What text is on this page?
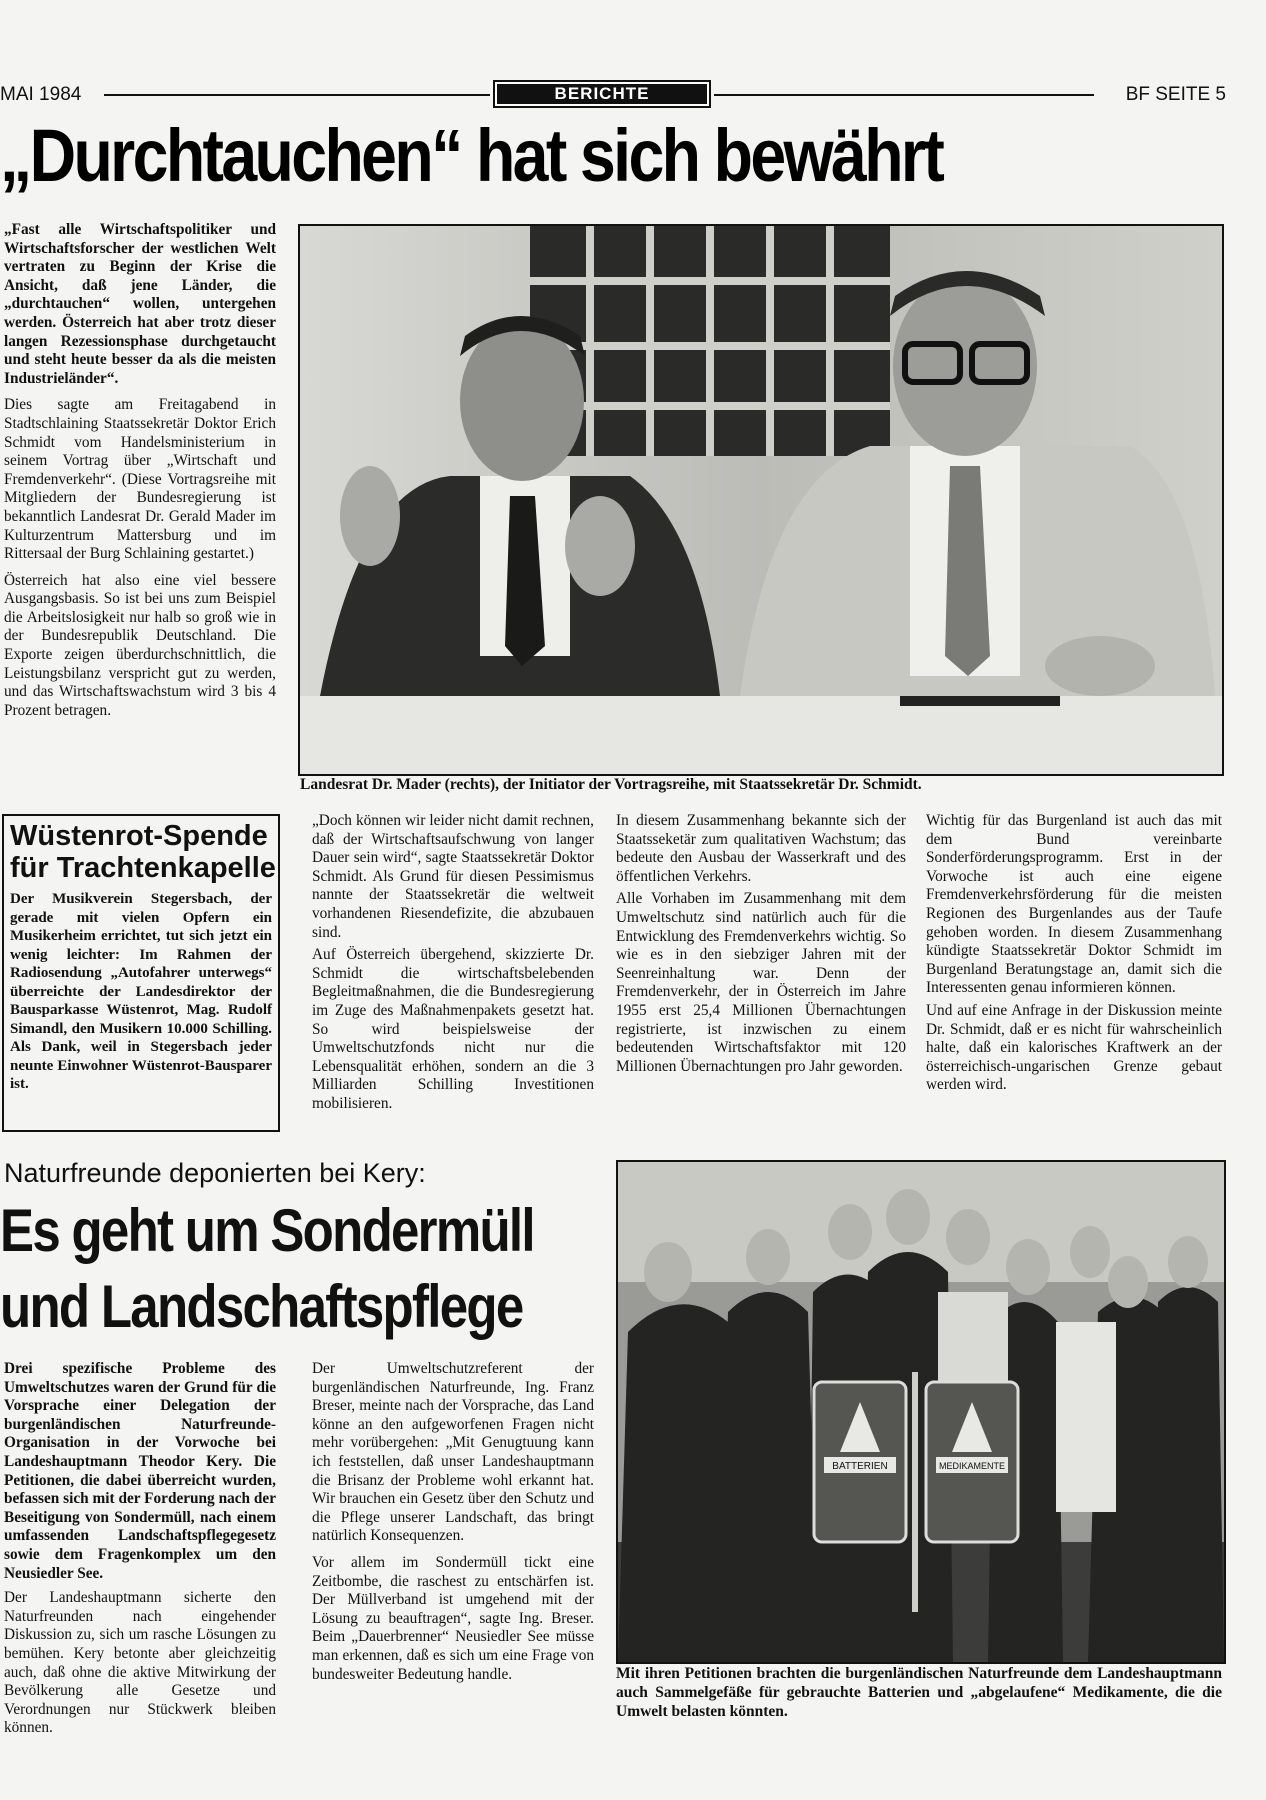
MAI 1984	BERICHTE	BF SEITE 5
„Durchtauchen“ hat sich bewährt

„Fast alle Wirtschaftspolitiker und Wirtschaftsforscher der westlichen Welt vertraten zu Beginn der Krise die Ansicht, daß jene Länder, die „durchtauchen“ wollen, untergehen werden. Österreich hat aber trotz dieser langen Rezessionsphase durchgetaucht und steht heute besser da als die meisten Industrieländer“.

Dies sagte am Freitagabend in Stadtschlaining Staatssekretär Doktor Erich Schmidt vom Handelsministerium in seinem Vortrag über „Wirtschaft und Fremdenverkehr“. (Diese Vortragsreihe mit Mitgliedern der Bundesregierung ist bekanntlich Landesrat Dr. Gerald Mader im Kulturzentrum Mattersburg und im Rittersaal der Burg Schlaining gestartet.)

Österreich hat also eine viel bessere Ausgangsbasis. So ist bei uns zum Beispiel die Arbeitslosigkeit nur halb so groß wie in der Bundesrepublik Deutschland. Die Exporte zeigen überdurchschnittlich, die Leistungsbilanz verspricht gut zu werden, und das Wirtschaftswachstum wird 3 bis 4 Prozent betragen.

Landesrat Dr. Mader (rechts), der Initiator der Vortragsreihe, mit Staatssekretär Dr. Schmidt.
Wüstenrot-Spende
für Trachtenkapelle
Der Musikverein Stegersbach, der gerade mit vielen Opfern ein Musikerheim errichtet, tut sich jetzt ein wenig leichter: Im Rahmen der Radiosendung „Autofahrer unterwegs“ überreichte der Landesdirektor der Bausparkasse Wüstenrot, Mag. Rudolf Simandl, den Musikern 10.000 Schilling. Als Dank, weil in Stegersbach jeder neunte Einwohner Wüstenrot-Bausparer ist.

„Doch können wir leider nicht damit rechnen, daß der Wirtschaftsaufschwung von langer Dauer sein wird“, sagte Staatssekretär Doktor Schmidt. Als Grund für diesen Pessimismus nannte der Staatssekretär die weltweit vorhandenen Riesendefizite, die abzubauen sind.

Auf Österreich übergehend, skizzierte Dr. Schmidt die wirtschaftsbelebenden Begleitmaßnahmen, die die Bundesregierung im Zuge des Maßnahmenpakets gesetzt hat. So wird beispielsweise der Umweltschutzfonds nicht nur die Lebensqualität erhöhen, sondern an die 3 Milliarden Schilling Investitionen mobilisieren.

In diesem Zusammenhang bekannte sich der Staatsseketär zum qualitativen Wachstum; das bedeute den Ausbau der Wasserkraft und des öffentlichen Verkehrs.

Alle Vorhaben im Zusammenhang mit dem Umweltschutz sind natürlich auch für die Entwicklung des Fremdenverkehrs wichtig. So wie es in den siebziger Jahren mit der Seenreinhaltung war. Denn der Fremdenverkehr, der in Österreich im Jahre 1955 erst 25,4 Millionen Übernachtungen registrierte, ist inzwischen zu einem bedeutenden Wirtschaftsfaktor mit 120 Millionen Übernachtungen pro Jahr geworden.

Wichtig für das Burgenland ist auch das mit dem Bund vereinbarte Sonderförderungsprogramm. Erst in der Vorwoche ist auch eine eigene Fremdenverkehrsförderung für die meisten Regionen des Burgenlandes aus der Taufe gehoben worden. In diesem Zusammenhang kündigte Staatssekretär Doktor Schmidt im Burgenland Beratungstage an, damit sich die Interessenten genau informieren können.

Und auf eine Anfrage in der Diskussion meinte Dr. Schmidt, daß er es nicht für wahrscheinlich halte, daß ein kalorisches Kraftwerk an der österreichisch-ungarischen Grenze gebaut werden wird.

Naturfreunde deponierten bei Kery:
Es geht um Sondermüll
und Landschaftspflege

Drei spezifische Probleme des Umweltschutzes waren der Grund für die Vorsprache einer Delegation der burgenländischen Naturfreunde-Organisation in der Vorwoche bei Landeshauptmann Theodor Kery. Die Petitionen, die dabei überreicht wurden, befassen sich mit der Forderung nach der Beseitigung von Sondermüll, nach einem umfassenden Landschaftspflegegesetz sowie dem Fragenkomplex um den Neusiedler See.

Der Landeshauptmann sicherte den Naturfreunden nach eingehender Diskussion zu, sich um rasche Lösungen zu bemühen. Kery betonte aber gleichzeitig auch, daß ohne die aktive Mitwirkung der Bevölkerung alle Gesetze und Verordnungen nur Stückwerk bleiben können.

Der Umweltschutzreferent der burgenländischen Naturfreunde, Ing. Franz Breser, meinte nach der Vorsprache, das Land könne an den aufgeworfenen Fragen nicht mehr vorübergehen: „Mit Genugtuung kann ich feststellen, daß unser Landeshauptmann die Brisanz der Probleme wohl erkannt hat. Wir brauchen ein Gesetz über den Schutz und die Pflege unserer Landschaft, das bringt natürlich Konsequenzen.

Vor allem im Sondermüll tickt eine Zeitbombe, die raschest zu entschärfen ist. Der Müllverband ist umgehend mit der Lösung zu beauftragen“, sagte Ing. Breser. Beim „Dauerbrenner“ Neusiedler See müsse man erkennen, daß es sich um eine Frage von bundesweiter Bedeutung handle.

BATTERIEN	MEDIKAMENTE
Mit ihren Petitionen brachten die burgenländischen Naturfreunde dem Landeshauptmann auch Sammelgefäße für gebrauchte Batterien und „abgelaufene“ Medikamente, die die Umwelt belasten könnten.
